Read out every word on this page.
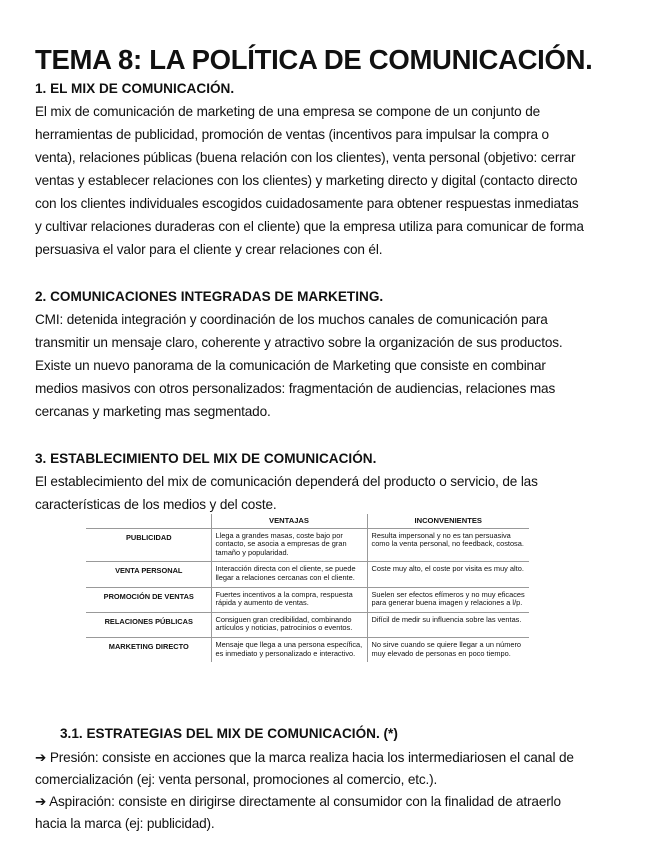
TEMA 8: LA POLÍTICA DE COMUNICACIÓN.
1. EL MIX DE COMUNICACIÓN.
El mix de comunicación de marketing de una empresa se compone de un conjunto de
herramientas de publicidad, promoción de ventas (incentivos para impulsar la compra o
venta), relaciones públicas (buena relación con los clientes), venta personal (objetivo: cerrar
ventas y establecer relaciones con los clientes) y marketing directo y digital (contacto directo
con los clientes individuales escogidos cuidadosamente para obtener respuestas inmediatas
y cultivar relaciones duraderas con el cliente) que la empresa utiliza para comunicar de forma
persuasiva el valor para el cliente y crear relaciones con él.
2. COMUNICACIONES INTEGRADAS DE MARKETING.
CMI: detenida integración y coordinación de los muchos canales de comunicación para
transmitir un mensaje claro, coherente y atractivo sobre la organización de sus productos.
Existe un nuevo panorama de la comunicación de Marketing que consiste en combinar
medios masivos con otros personalizados: fragmentación de audiencias, relaciones mas
cercanas y marketing mas segmentado.
3. ESTABLECIMIENTO DEL MIX DE COMUNICACIÓN.
El establecimiento del mix de comunicación dependerá del producto o servicio, de las
características de los medios y del coste.
	VENTAJAS	INCONVENIENTES
PUBLICIDAD	Llega a grandes masas, coste bajo por contacto, se asocia a empresas de gran tamaño y popularidad.	Resulta impersonal y no es tan persuasiva como la venta personal, no feedback, costosa.
VENTA PERSONAL	Interacción directa con el cliente, se puede llegar a relaciones cercanas con el cliente.	Coste muy alto, el coste por visita es muy alto.
PROMOCIÓN DE VENTAS	Fuertes incentivos a la compra, respuesta rápida y aumento de ventas.	Suelen ser efectos efímeros y no muy eficaces para generar buena imagen y relaciones a l/p.
RELACIONES PÚBLICAS	Consiguen gran credibilidad, combinando artículos y noticias, patrocinios o eventos.	Difícil de medir su influencia sobre las ventas.
MARKETING DIRECTO	Mensaje que llega a una persona específica, es inmediato y personalizado e interactivo.	No sirve cuando se quiere llegar a un número muy elevado de personas en poco tiempo.
3.1. ESTRATEGIAS DEL MIX DE COMUNICACIÓN. (*)
➔ Presión: consiste en acciones que la marca realiza hacia los intermediariosen el canal de
comercialización (ej: venta personal, promociones al comercio, etc.).
➔ Aspiración: consiste en dirigirse directamente al consumidor con la finalidad de atraerlo
hacia la marca (ej: publicidad).
